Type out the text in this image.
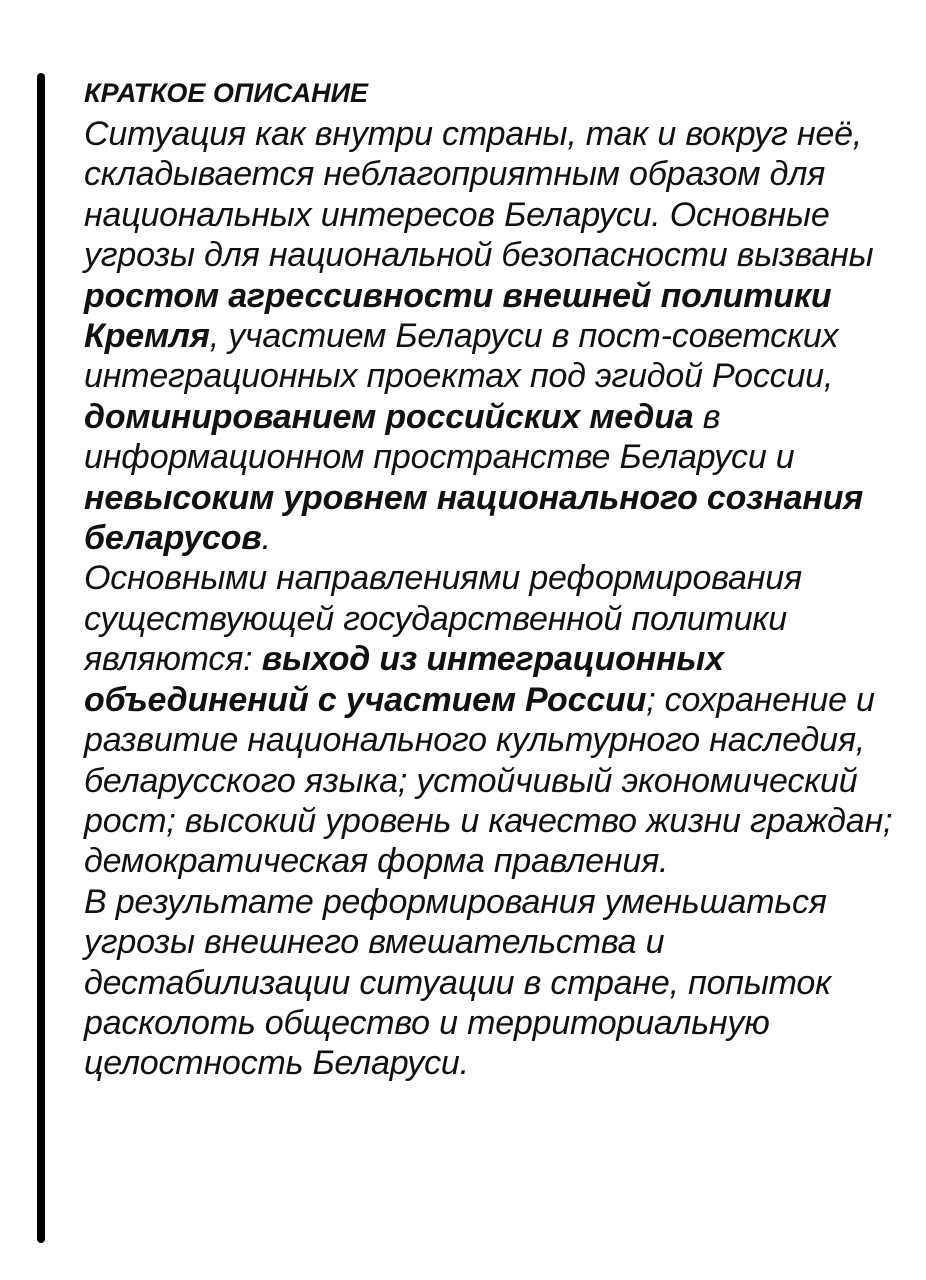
КРАТКОЕ ОПИСАНИЕ

Ситуация как внутри страны, так и вокруг неё, складывается неблагоприятным образом для национальных интересов Беларуси. Основные угрозы для национальной безопасности вызваны ростом агрессивности внешней политики Кремля, участием Беларуси в пост-советских интеграционных проектах под эгидой России, доминированием российских медиа в информационном пространстве Беларуси и невысоким уровнем национального сознания беларусов.

Основными направлениями реформирования существующей государственной политики являются: выход из интеграционных объединений с участием России; сохранение и развитие национального культурного наследия, беларусского языка; устойчивый экономический рост; высокий уровень и качество жизни граждан; демократическая форма правления.

В результате реформирования уменьшаться угрозы внешнего вмешательства и дестабилизации ситуации в стране, попыток расколоть общество и территориальную целостность Беларуси.
